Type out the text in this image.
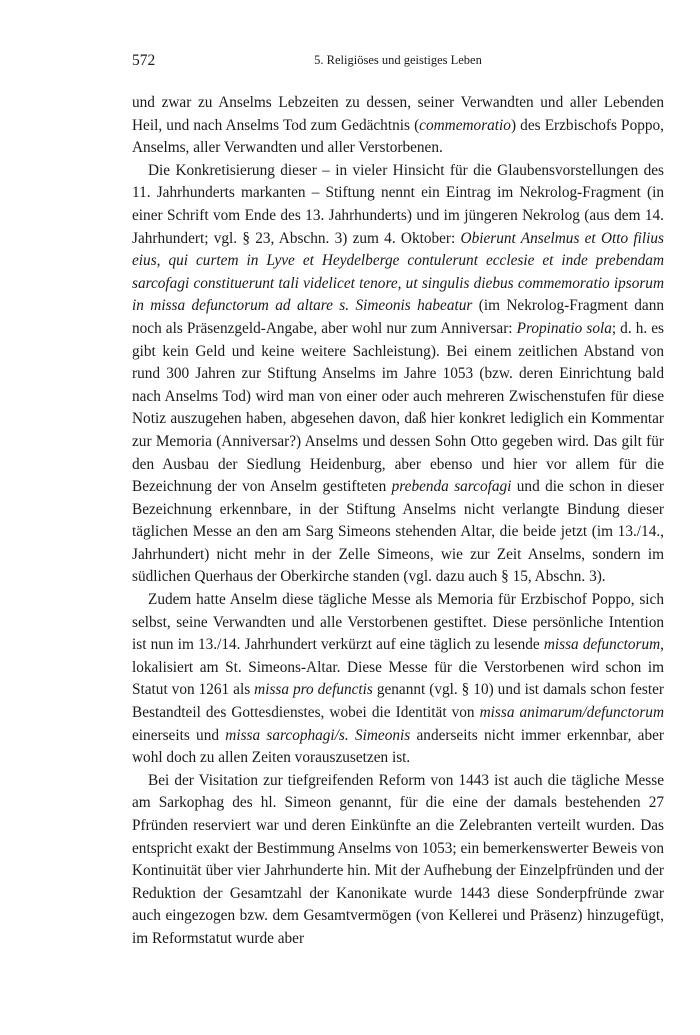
572	5. Religiöses und geistiges Leben

und zwar zu Anselms Lebzeiten zu dessen, seiner Verwandten und aller Lebenden Heil, und nach Anselms Tod zum Gedächtnis (commemoratio) des Erzbischofs Poppo, Anselms, aller Verwandten und aller Verstorbenen.

Die Konkretisierung dieser – in vieler Hinsicht für die Glaubensvorstellungen des 11. Jahrhunderts markanten – Stiftung nennt ein Eintrag im Nekrolog-Fragment (in einer Schrift vom Ende des 13. Jahrhunderts) und im jüngeren Nekrolog (aus dem 14. Jahrhundert; vgl. § 23, Abschn. 3) zum 4. Oktober: Obierunt Anselmus et Otto filius eius, qui curtem in Lyve et Heydelberge contulerunt ecclesie et inde prebendam sarcofagi constituerunt tali videlicet tenore, ut singulis diebus commemoratio ipsorum in missa defunctorum ad altare s. Simeonis habeatur (im Nekrolog-Fragment dann noch als Präsenzgeld-Angabe, aber wohl nur zum Anniversar: Propinatio sola; d. h. es gibt kein Geld und keine weitere Sachleistung). Bei einem zeitlichen Abstand von rund 300 Jahren zur Stiftung Anselms im Jahre 1053 (bzw. deren Einrichtung bald nach Anselms Tod) wird man von einer oder auch mehreren Zwischenstufen für diese Notiz auszugehen haben, abgesehen davon, daß hier konkret lediglich ein Kommentar zur Memoria (Anniversar?) Anselms und dessen Sohn Otto gegeben wird. Das gilt für den Ausbau der Siedlung Heidenburg, aber ebenso und hier vor allem für die Bezeichnung der von Anselm gestifteten prebenda sarcofagi und die schon in dieser Bezeichnung erkennbare, in der Stiftung Anselms nicht verlangte Bindung dieser täglichen Messe an den am Sarg Simeons stehenden Altar, die beide jetzt (im 13./14., Jahrhundert) nicht mehr in der Zelle Simeons, wie zur Zeit Anselms, sondern im südlichen Querhaus der Oberkirche standen (vgl. dazu auch § 15, Abschn. 3).

Zudem hatte Anselm diese tägliche Messe als Memoria für Erzbischof Poppo, sich selbst, seine Verwandten und alle Verstorbenen gestiftet. Diese persönliche Intention ist nun im 13./14. Jahrhundert verkürzt auf eine täglich zu lesende missa defunctorum, lokalisiert am St. Simeons-Altar. Diese Messe für die Verstorbenen wird schon im Statut von 1261 als missa pro defunctis genannt (vgl. § 10) und ist damals schon fester Bestandteil des Gottesdienstes, wobei die Identität von missa animarum/defunctorum einerseits und missa sarcophagi/s. Simeonis anderseits nicht immer erkennbar, aber wohl doch zu allen Zeiten vorauszusetzen ist.

Bei der Visitation zur tiefgreifenden Reform von 1443 ist auch die tägliche Messe am Sarkophag des hl. Simeon genannt, für die eine der damals bestehenden 27 Pfründen reserviert war und deren Einkünfte an die Zelebranten verteilt wurden. Das entspricht exakt der Bestimmung Anselms von 1053; ein bemerkenswerter Beweis von Kontinuität über vier Jahrhunderte hin. Mit der Aufhebung der Einzelpfründen und der Reduktion der Gesamtzahl der Kanonikate wurde 1443 diese Sonderpfründe zwar auch eingezogen bzw. dem Gesamtvermögen (von Kellerei und Präsenz) hinzugefügt, im Reformstatut wurde aber
